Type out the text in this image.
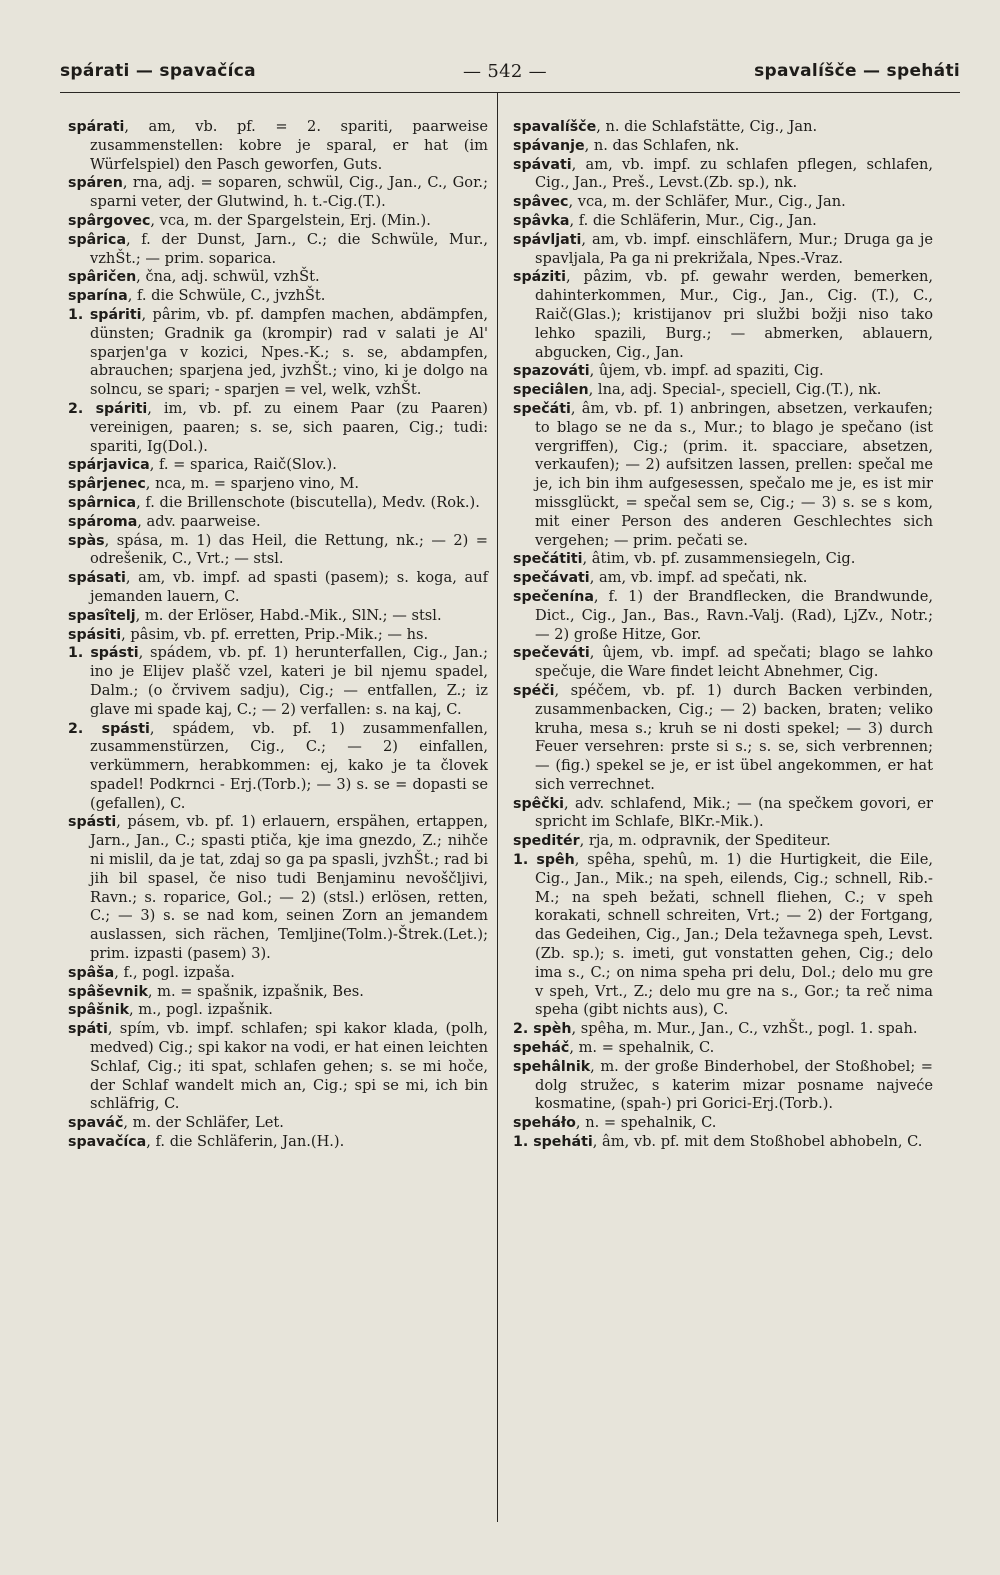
spárati — spavačíca	— 542 —	spavalíšče — speháti

spárati, am, vb. pf. = 2. spariti, paarweise zusammenstellen: kobre je sparal, er hat (im Würfelspiel) den Pasch geworfen, Guts.

spáren, rna, adj. = soparen, schwül, Cig., Jan., C., Gor.; sparni veter, der Glutwind, h. t.-Cig.(T.).

spârgovec, vca, m. der Spargelstein, Erj. (Min.).

spârica, f. der Dunst, Jarn., C.; die Schwüle, Mur., vzhŠt.; — prim. soparica.

spâričen, čna, adj. schwül, vzhŠt.

sparína, f. die Schwüle, C., jvzhŠt.

1. spáriti, pârim, vb. pf. dampfen machen, abdämpfen, dünsten; Gradnik ga (krompir) rad v salati je Al' sparjen'ga v kozici, Npes.-K.; s. se, abdampfen, abrauchen; sparjena jed, jvzhŠt.; vino, ki je dolgo na solncu, se spari; - sparjen = vel, welk, vzhŠt.

2. spáriti, im, vb. pf. zu einem Paar (zu Paaren) vereinigen, paaren; s. se, sich paaren, Cig.; tudi: spariti, Ig(Dol.).

spárjavica, f. = sparica, Raič(Slov.).

spârjenec, nca, m. = sparjeno vino, M.

spârnica, f. die Brillenschote (biscutella), Medv. (Rok.).

spároma, adv. paarweise.

spàs, spása, m. 1) das Heil, die Rettung, nk.; — 2) = odrešenik, C., Vrt.; — stsl.

spásati, am, vb. impf. ad spasti (pasem); s. koga, auf jemanden lauern, C.

spasîtelj, m. der Erlöser, Habd.-Mik., SlN.; — stsl.

spásiti, pâsim, vb. pf. erretten, Prip.-Mik.; — hs.

1. spásti, spádem, vb. pf. 1) herunterfallen, Cig., Jan.; ino je Elijev plašč vzel, kateri je bil njemu spadel, Dalm.; (o črvivem sadju), Cig.; — entfallen, Z.; iz glave mi spade kaj, C.; — 2) verfallen: s. na kaj, C.

2. spásti, spádem, vb. pf. 1) zusammenfallen, zusammenstürzen, Cig., C.; — 2) einfallen, verkümmern, herabkommen: ej, kako je ta človek spadel! Podkrnci - Erj.(Torb.); — 3) s. se = dopasti se (gefallen), C.

spásti, pásem, vb. pf. 1) erlauern, erspähen, ertappen, Jarn., Jan., C.; spasti ptiča, kje ima gnezdo, Z.; nihče ni mislil, da je tat, zdaj so ga pa spasli, jvzhŠt.; rad bi jih bil spasel, če niso tudi Benjaminu nevoščljivi, Ravn.; s. roparice, Gol.; — 2) (stsl.) erlösen, retten, C.; — 3) s. se nad kom, seinen Zorn an jemandem auslassen, sich rächen, Temljine(Tolm.)-Štrek.(Let.); prim. izpasti (pasem) 3).

spâša, f., pogl. izpaša.

spâševnik, m. = spašnik, izpašnik, Bes.

spâšnik, m., pogl. izpašnik.

spáti, spím, vb. impf. schlafen; spi kakor klada, (polh, medved) Cig.; spi kakor na vodi, er hat einen leichten Schlaf, Cig.; iti spat, schlafen gehen; s. se mi hoče, der Schlaf wandelt mich an, Cig.; spi se mi, ich bin schläfrig, C.

spaváč, m. der Schläfer, Let.

spavačíca, f. die Schläferin, Jan.(H.).

spavalíšče, n. die Schlafstätte, Cig., Jan.

spávanje, n. das Schlafen, nk.

spávati, am, vb. impf. zu schlafen pflegen, schlafen, Cig., Jan., Preš., Levst.(Zb. sp.), nk.

spâvec, vca, m. der Schläfer, Mur., Cig., Jan.

spâvka, f. die Schläferin, Mur., Cig., Jan.

spávljati, am, vb. impf. einschläfern, Mur.; Druga ga je spavljala, Pa ga ni prekrižala, Npes.-Vraz.

spáziti, pâzim, vb. pf. gewahr werden, bemerken, dahinterkommen, Mur., Cig., Jan., Cig. (T.), C., Raič(Glas.); kristijanov pri službi božji niso tako lehko spazili, Burg.; — abmerken, ablauern, abgucken, Cig., Jan.

spazováti, ûjem, vb. impf. ad spaziti, Cig.

speciâlen, lna, adj. Special-, speciell, Cig.(T.), nk.

spečáti, âm, vb. pf. 1) anbringen, absetzen, verkaufen; to blago se ne da s., Mur.; to blago je spečano (ist vergriffen), Cig.; (prim. it. spacciare, absetzen, verkaufen); — 2) aufsitzen lassen, prellen: spečal me je, ich bin ihm aufgesessen, spečalo me je, es ist mir missglückt, = spečal sem se, Cig.; — 3) s. se s kom, mit einer Person des anderen Geschlechtes sich vergehen; — prim. pečati se.

spečátiti, âtim, vb. pf. zusammensiegeln, Cig.

spečávati, am, vb. impf. ad spečati, nk.

spečenína, f. 1) der Brandflecken, die Brandwunde, Dict., Cig., Jan., Bas., Ravn.-Valj. (Rad), LjZv., Notr.; — 2) große Hitze, Gor.

spečeváti, ûjem, vb. impf. ad spečati; blago se lahko spečuje, die Ware findet leicht Abnehmer, Cig.

spéči, spéčem, vb. pf. 1) durch Backen verbinden, zusammenbacken, Cig.; — 2) backen, braten; veliko kruha, mesa s.; kruh se ni dosti spekel; — 3) durch Feuer versehren: prste si s.; s. se, sich verbrennen; — (fig.) spekel se je, er ist übel angekommen, er hat sich verrechnet.

spêčki, adv. schlafend, Mik.; — (na spečkem govori, er spricht im Schlafe, BlKr.-Mik.).

speditér, rja, m. odpravnik, der Spediteur.

1. spêh, spêha, spehû, m. 1) die Hurtigkeit, die Eile, Cig., Jan., Mik.; na speh, eilends, Cig.; schnell, Rib.-M.; na speh bežati, schnell fliehen, C.; v speh korakati, schnell schreiten, Vrt.; — 2) der Fortgang, das Gedeihen, Cig., Jan.; Dela težavnega speh, Levst.(Zb. sp.); s. imeti, gut vonstatten gehen, Cig.; delo ima s., C.; on nima speha pri delu, Dol.; delo mu gre v speh, Vrt., Z.; delo mu gre na s., Gor.; ta reč nima speha (gibt nichts aus), C.

2. spèh, spêha, m. Mur., Jan., C., vzhŠt., pogl. 1. spah.

speháč, m. = spehalnik, C.

spehâlnik, m. der große Binderhobel, der Stoßhobel; = dolg stružec, s katerim mizar posname najveće kosmatine, (spah-) pri Gorici-Erj.(Torb.).

speháło, n. = spehalnik, C.

1. speháti, âm, vb. pf. mit dem Stoßhobel abhobeln, C.
